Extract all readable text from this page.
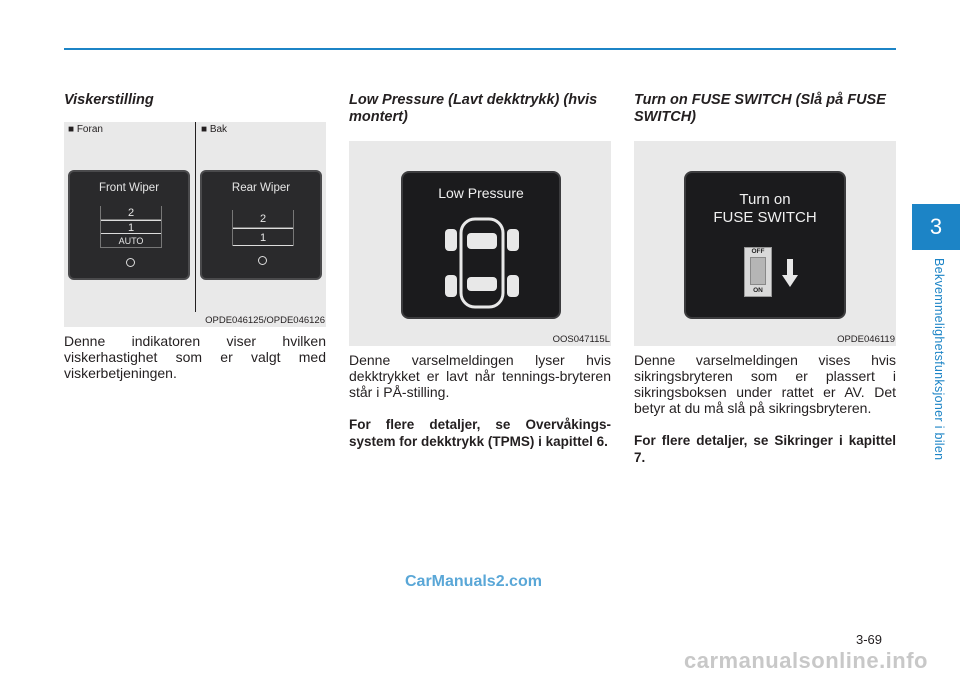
3
Bekvemmelighetsfunksjoner i bilen
Viskerstilling
■ Foran	■ Bak
Front Wiper
2
1
AUTO
Rear Wiper
2
1
OPDE046125/OPDE046126
Denne indikatoren viser hvilken viskerhastighet som er valgt med viskerbetjeningen.
Low Pressure (Lavt dekktrykk) (hvis montert)
Low Pressure
OOS047115L
Denne varselmeldingen lyser hvis dekktrykket er lavt når tennings-bryteren står i PÅ-stilling.
For flere detaljer, se Overvåkings-system for dekktrykk (TPMS) i kapittel 6.
Turn on FUSE SWITCH (Slå på FUSE SWITCH)
Turn on
FUSE SWITCH
OFF
ON
OPDE046119
Denne varselmeldingen vises hvis sikringsbryteren som er plassert i sikringsboksen under rattet er AV. Det betyr at du må slå på sikringsbryteren.
For flere detaljer, se Sikringer i kapittel 7.
CarManuals2.com
3-69
carmanualsonline.info
